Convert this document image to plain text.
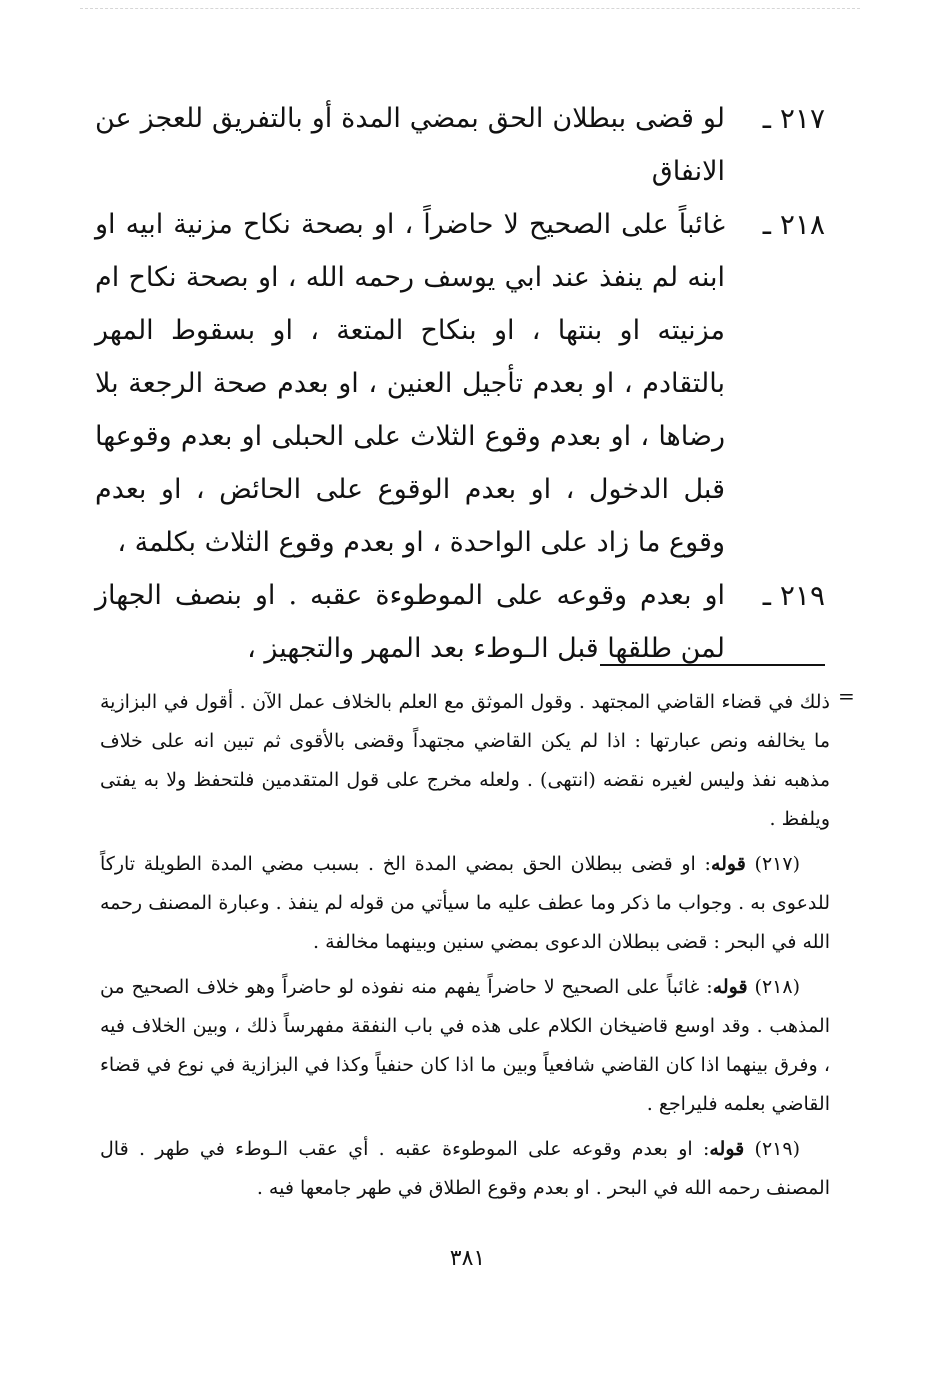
٢١٧ ـ
لو قضى ببطلان الحق بمضي المدة أو بالتفريق للعجز عن الانفاق
٢١٨ ـ
غائباً على الصحيح لا حاضراً ، او بصحة نكاح مزنية ابيه او ابنه لم ينفذ عند ابي يوسف رحمه الله ، او بصحة نكاح ام مزنيته او بنتها ، او بنكاح المتعة ، او بسقوط المهر بالتقادم ، او بعدم تأجيل العنين ، او بعدم صحة الرجعة بلا رضاها ، او بعدم وقوع الثلاث على الحبلى او بعدم وقوعها قبل الدخول ، او بعدم الوقوع على الحائض ، او بعدم وقوع ما زاد على الواحدة ، او بعدم وقوع الثلاث بكلمة ،
٢١٩ ـ
او بعدم وقوعه على الموطوءة عقبه . او بنصف الجهاز لمن طلقها قبل الـوطء بعد المهر والتجهيز ،
=

ذلك في قضاء القاضي المجتهد . وقول الموثق مع العلم بالخلاف عمل الآن . أقول في البزازية ما يخالفه ونص عبارتها : اذا لم يكن القاضي مجتهداً وقضى بالأقوى ثم تبين انه على خلاف مذهبه نفذ وليس لغيره نقضه (انتهى) . ولعله مخرج على قول المتقدمين فلتحفظ ولا به يفتى ويلفظ .

(٢١٧) قوله: او قضى ببطلان الحق بمضي المدة الخ . بسبب مضي المدة الطويلة تاركاً للدعوى به . وجواب ما ذكر وما عطف عليه ما سيأتي من قوله لم ينفذ . وعبارة المصنف رحمه الله في البحر : قضى ببطلان الدعوى بمضي سنين وبينهما مخالفة .

(٢١٨) قوله: غائباً على الصحيح لا حاضراً يفهم منه نفوذه لو حاضراً وهو خلاف الصحيح من المذهب . وقد اوسع قاضيخان الكلام على هذه في باب النفقة مفهرساً ذلك ، وبين الخلاف فيه ، وفرق بينهما اذا كان القاضي شافعياً وبين ما اذا كان حنفياً وكذا في البزازية في نوع في قضاء القاضي بعلمه فليراجع .

(٢١٩) قوله: او بعدم وقوعه على الموطوءة عقبه . أي عقب الـوطء في طهر . قال المصنف رحمه الله في البحر . او بعدم وقوع الطلاق في طهر جامعها فيه .

٣٨١
